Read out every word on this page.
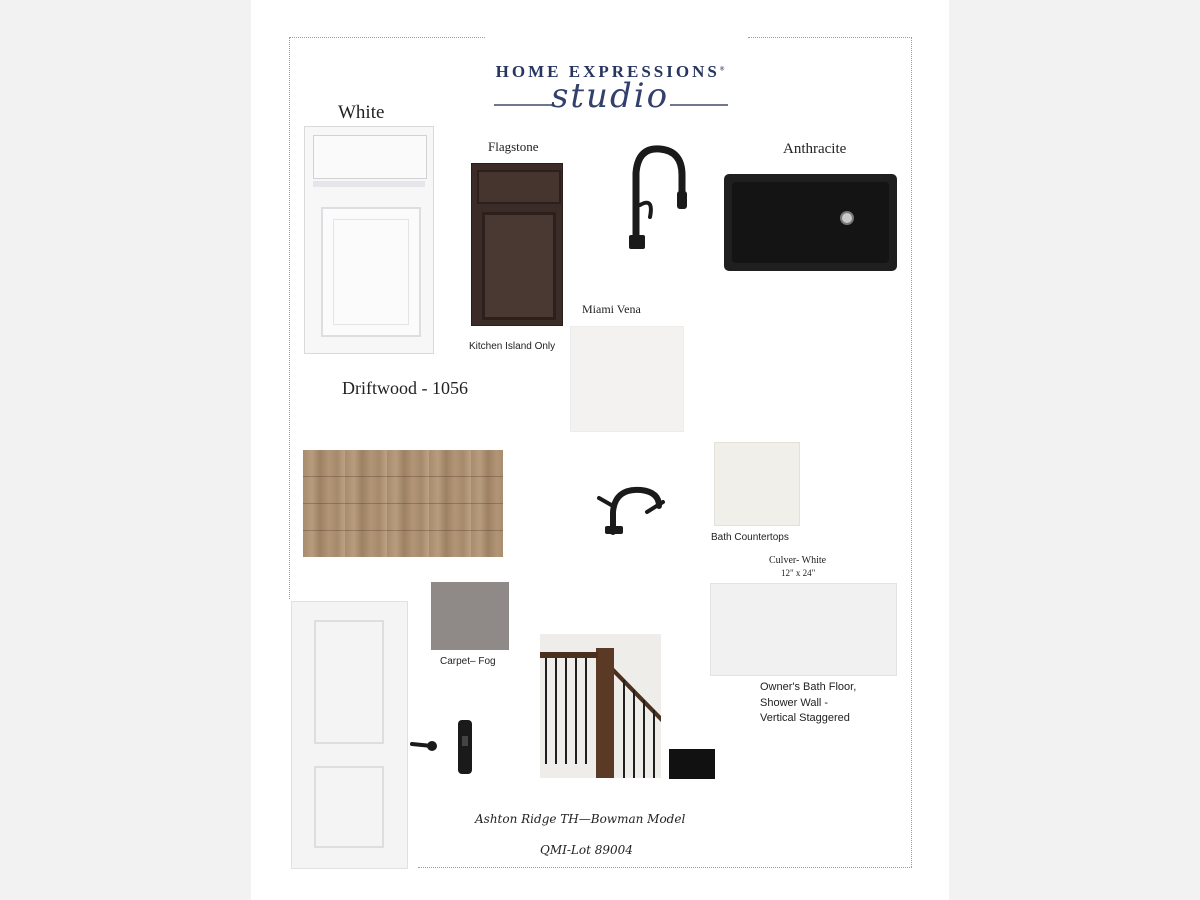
HOME EXPRESSIONS®
studio
White
Flagstone
Kitchen Island Only
Anthracite
Miami Vena
Driftwood - 1056
Bath Countertops
Culver- White
12" x 24"
Owner's Bath Floor,
Shower Wall -
Vertical Staggered
Carpet– Fog
Ashton Ridge TH—Bowman Model
QMI-Lot 89004
